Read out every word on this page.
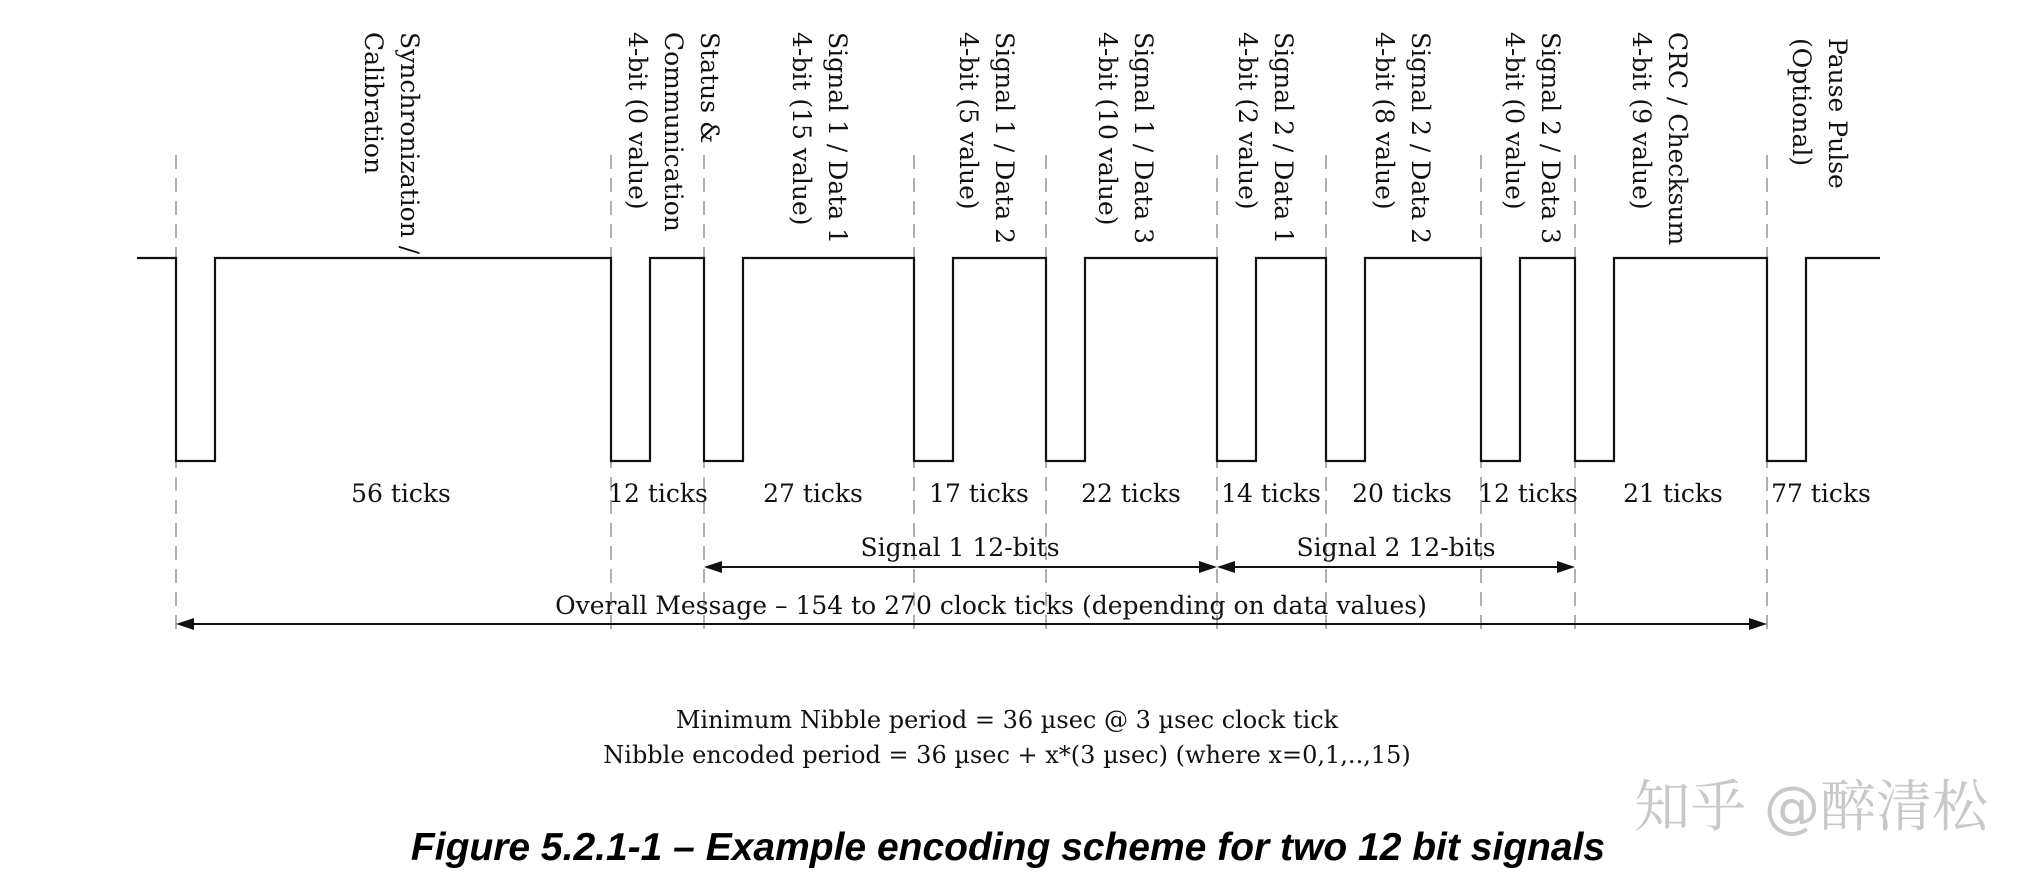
Synchronization / Calibration	Status & Communication 4-bit (0 value)	Signal 1 / Data 1 4-bit (15 value)	Signal 1 / Data 2 4-bit (5 value)	Signal 1 / Data 3 4-bit (10 value)	Signal 2 / Data 1 4-bit (2 value)	Signal 2 / Data 2 4-bit (8 value)	Signal 2 / Data 3 4-bit (0 value)	CRC / Checksum 4-bit (9 value)	Pause Pulse (Optional)
56 ticks	12 ticks 27 ticks	17 ticks 22 ticks 14 ticks 20 ticks 12 ticks 21 ticks 77 ticks
Signal 1 12-bits	Signal 2 12-bits
Overall Message – 154 to 270 clock ticks (depending on data values)
Minimum Nibble period = 36 µsec @ 3 µsec clock tick
Nibble encoded period = 36 µsec + x*(3 µsec) (where x=0,1,..,15)
知乎 @醉清松
Figure 5.2.1-1 – Example encoding scheme for two 12 bit signals
